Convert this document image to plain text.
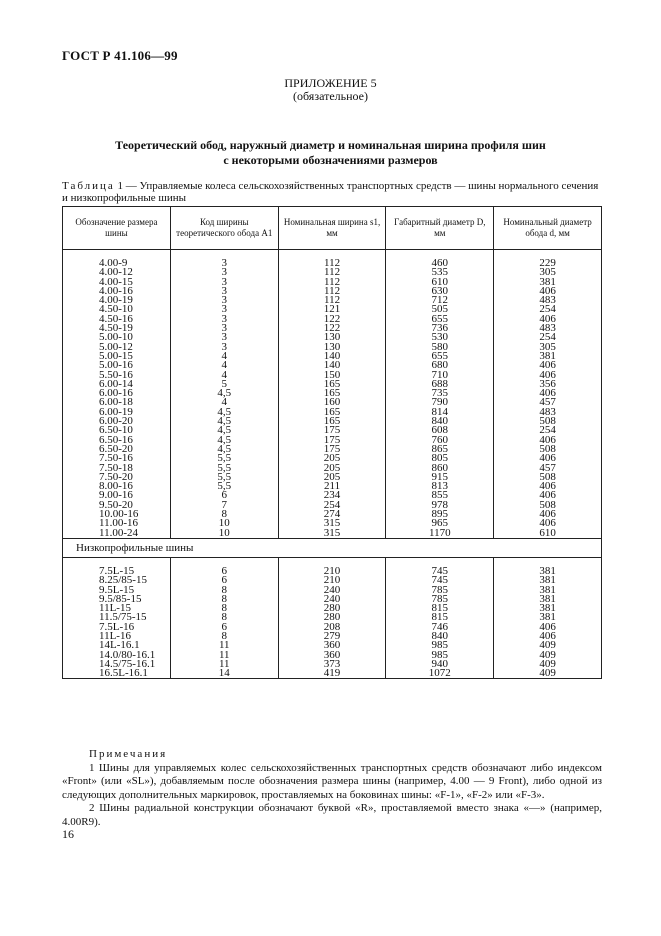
ГОСТ Р 41.106—99
ПРИЛОЖЕНИЕ 5
(обязательное)
Теоретический обод, наружный диаметр и номинальная ширина профиля шин
с некоторыми обозначениями размеров
Таблица 1 — Управляемые колеса сельскохозяйственных транспортных средств — шины нормального сечения и низкопрофильные шины
Обозначение размера шины	Код ширины теоретического обода A1	Номинальная ширина s1, мм	Габаритный диаметр D, мм	Номинальный диаметр обода d, мм

4.00-9	3	112	460	229
4.00-12	3	112	535	305
4.00-15	3	112	610	381
4.00-16	3	112	630	406
4.00-19	3	112	712	483
4.50-10	3	121	505	254
4.50-16	3	122	655	406
4.50-19	3	122	736	483
5.00-10	3	130	530	254
5.00-12	3	130	580	305
5.00-15	4	140	655	381
5.00-16	4	140	680	406
5.50-16	4	150	710	406
6.00-14	5	165	688	356
6.00-16	4,5	165	735	406
6.00-18	4	160	790	457
6.00-19	4,5	165	814	483
6.00-20	4,5	165	840	508
6.50-10	4,5	175	608	254
6.50-16	4,5	175	760	406
6.50-20	4,5	175	865	508
7.50-16	5,5	205	805	406
7.50-18	5,5	205	860	457
7.50-20	5,5	205	915	508
8.00-16	5,5	211	813	406
9.00-16	6	234	855	406
9.50-20	7	254	978	508
10.00-16	8	274	895	406
11.00-16	10	315	965	406
11.00-24	10	315	1170	610
Низкопрофильные шины				

7.5L-15	6	210	745	381
8.25/85-15	6	210	745	381
9.5L-15	8	240	785	381
9.5/85-15	8	240	785	381
11L-15	8	280	815	381
11.5/75-15	8	280	815	381
7.5L-16	6	208	746	406
11L-16	8	279	840	406
14L-16.1	11	360	985	409
14.0/80-16.1	11	360	985	409
14.5/75-16.1	11	373	940	409
16.5L-16.1	14	419	1072	409
Примечания

1 Шины для управляемых колес сельскохозяйственных транспортных средств обозначают либо индексом «Front» (или «SL»), добавляемым после обозначения размера шины (например, 4.00 — 9 Front), либо одной из следующих дополнительных маркировок, проставляемых на боковинах шины: «F-1», «F-2» или «F-3».

2 Шины радиальной конструкции обозначают буквой «R», проставляемой вместо знака «—» (например, 4.00R9).

16
